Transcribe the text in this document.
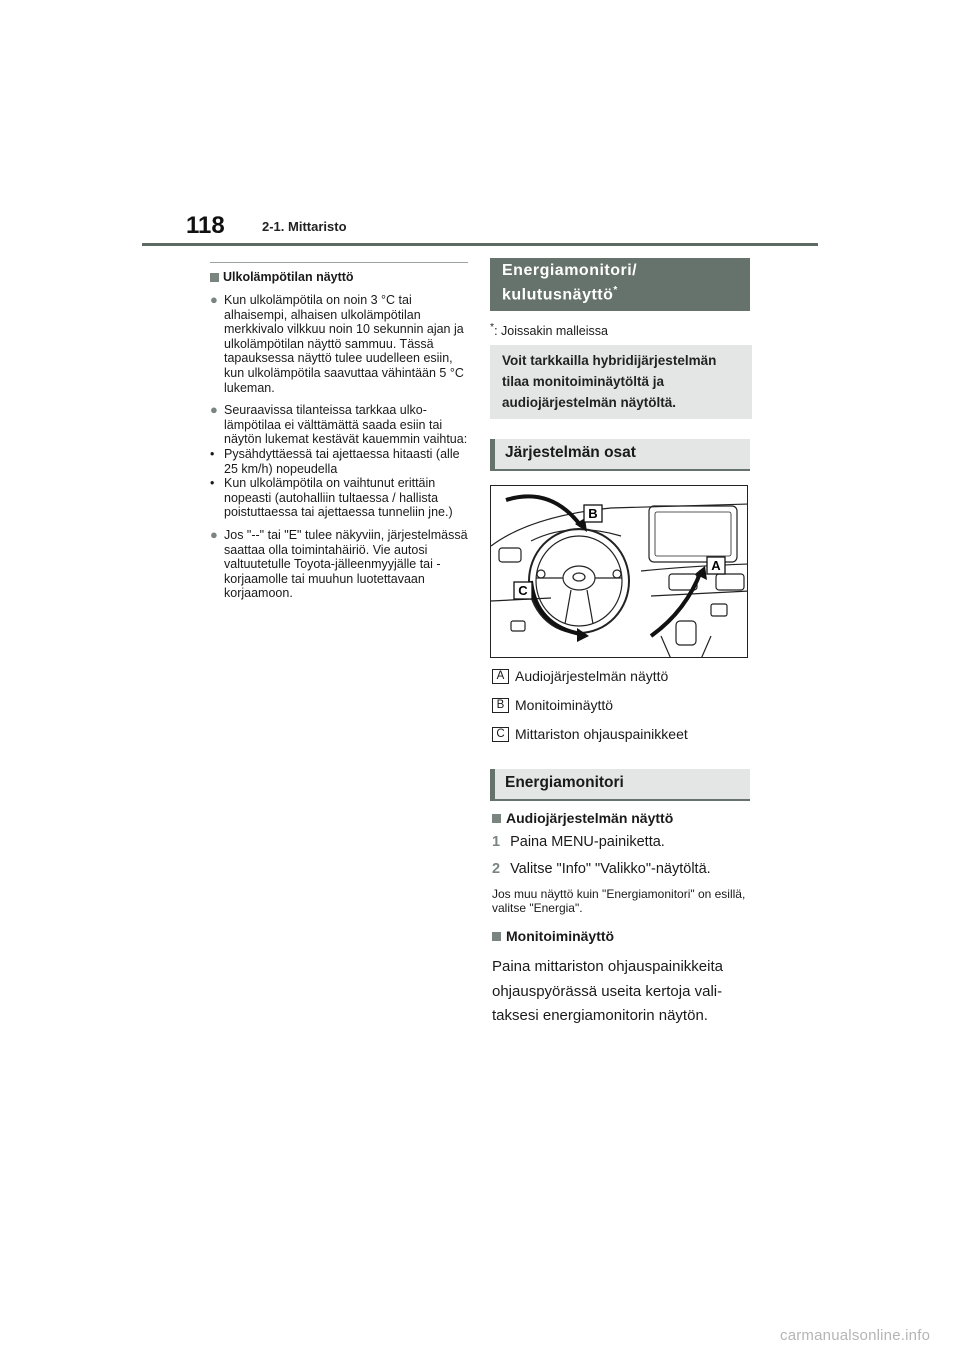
118	2-1. Mittaristo
Ulkolämpötilan näyttö
● Kun ulkolämpötila on noin 3 °C tai alhaisempi, alhaisen ulkolämpötilan merkkivalo vilkkuu noin 10 sekunnin ajan ja ulkolämpötilan näyttö sammuu. Tässä tapauksessa näyttö tulee uudelleen esiin, kun ulkolämpötila saavuttaa vähintään 5 °C lukeman.
● Seuraavissa tilanteissa tarkkaa ulkolämpötilaa ei välttämättä saada esiin tai näytön lukemat kestävät kauemmin vaihtua:
• Pysähdyttäessä tai ajettaessa hitaasti (alle 25 km/h) nopeudella
• Kun ulkolämpötila on vaihtunut erittäin nopeasti (autohalliin tultaessa / hallista poistuttaessa tai ajettaessa tunneliin jne.)
● Jos "--" tai "E" tulee näkyviin, järjestelmässä saattaa olla toimintahäiriö. Vie autosi valtuutetulle Toyota-jälleenmyyjälle tai -korjaamolle tai muuhun luotettavaan korjaamoon.
Energiamonitori/
kulutusnäyttö*
*: Joissakin malleissa
Voit tarkkailla hybridijärjestelmän tilaa monitoiminäytöltä ja audiojärjestelmän näytöltä.
Järjestelmän osat
B
A
C
A Audiojärjestelmän näyttö
B Monitoiminäyttö
C Mittariston ohjauspainikkeet
Energiamonitori
Audiojärjestelmän näyttö
1 Paina MENU-painiketta.
2 Valitse "Info" "Valikko"-näytöltä.
Jos muu näyttö kuin "Energiamonitori" on esillä, valitse "Energia".
Monitoiminäyttö
Paina mittariston ohjauspainikkeita ohjauspyörässä useita kertoja valitaksesi energiamonitorin näytön.
carmanualsonline.info
